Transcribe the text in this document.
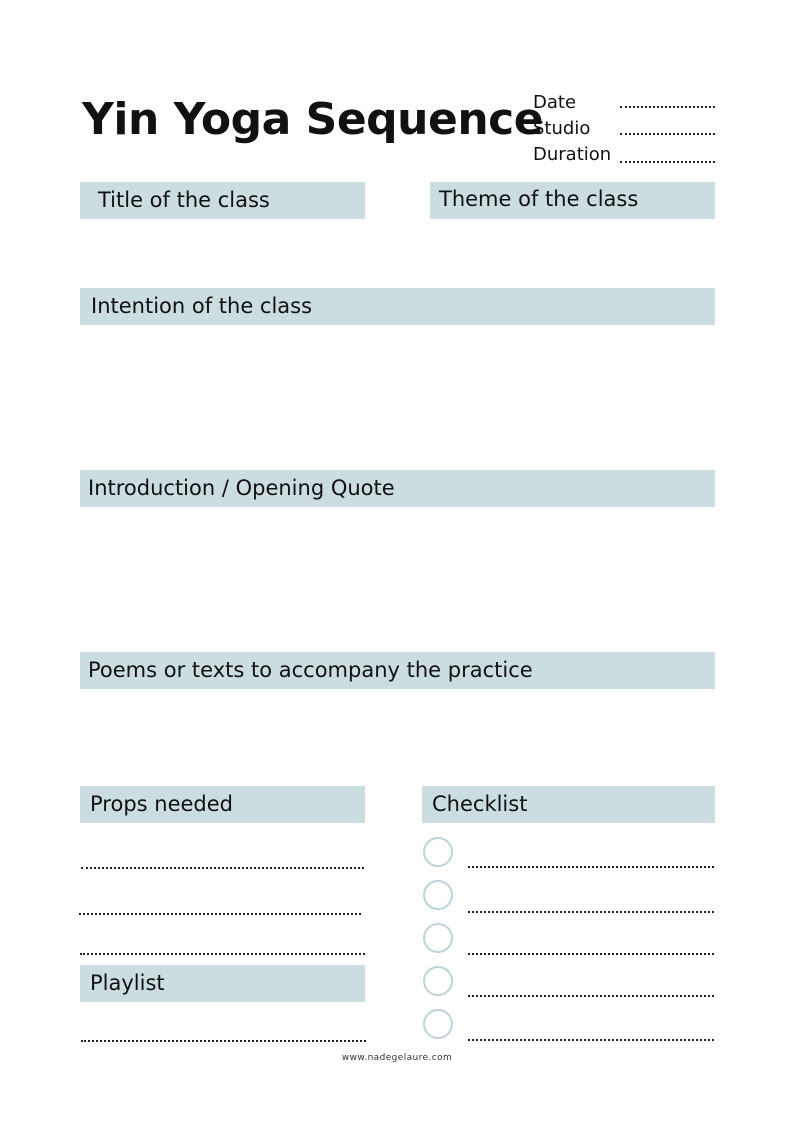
Yin Yoga Sequence
Date
Studio
Duration
Title of the class	Theme of the class
Intention of the class
Introduction / Opening Quote
Poems or texts to accompany the practice
Props needed
Playlist
Checklist
www.nadegelaure.com
